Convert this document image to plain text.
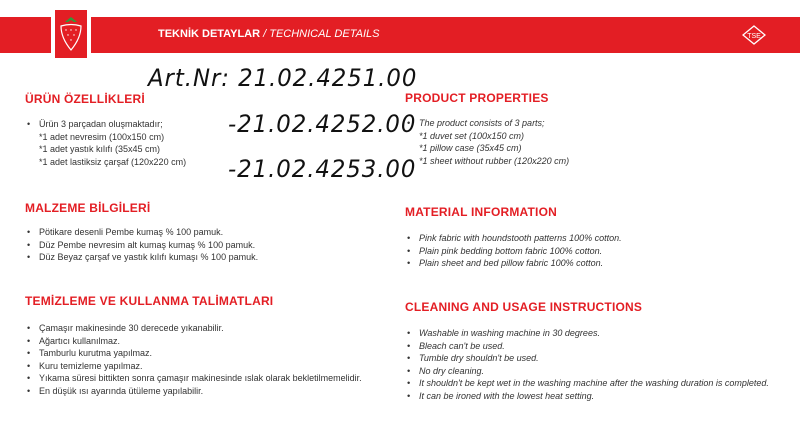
TEKNİK DETAYLAR / TECHNICAL DETAILS	TSE
Art.Nr: 21.02.4251.00
-21.02.4252.00
-21.02.4253.00
ÜRÜN ÖZELLİKLERİ
• Ürün 3 parçadan oluşmaktadır;
*1 adet nevresim (100x150 cm)
*1 adet yastık kılıfı (35x45 cm)
*1 adet lastiksiz çarşaf (120x220 cm)
MALZEME BİLGİLERİ
• Pötikare desenli Pembe kumaş % 100 pamuk.
• Düz Pembe nevresim alt kumaş kumaş % 100 pamuk.
• Düz Beyaz çarşaf ve yastık kılıfı kumaşı % 100 pamuk.
TEMİZLEME VE KULLANMA TALİMATLARI
• Çamaşır makinesinde 30 derecede yıkanabilir.
• Ağartıcı kullanılmaz.
• Tamburlu kurutma yapılmaz.
• Kuru temizleme yapılmaz.
• Yıkama süresi bittikten sonra çamaşır makinesinde ıslak olarak bekletilmemelidir.
• En düşük ısı ayarında ütüleme yapılabilir.
PRODUCT PROPERTIES
• The product consists of 3 parts;
*1 duvet set (100x150 cm)
*1 pillow case (35x45 cm)
*1 sheet without rubber (120x220 cm)
MATERIAL INFORMATION
• Pink fabric with houndstooth patterns 100% cotton.
• Plain pink bedding bottom fabric 100% cotton.
• Plain sheet and bed pillow fabric 100% cotton.
CLEANING AND USAGE INSTRUCTIONS
• Washable in washing machine in 30 degrees.
• Bleach can't be used.
• Tumble dry shouldn't be used.
• No dry cleaning.
• It shouldn't be kept wet in the washing machine after the washing duration is completed.
• It can be ironed with the lowest heat setting.
